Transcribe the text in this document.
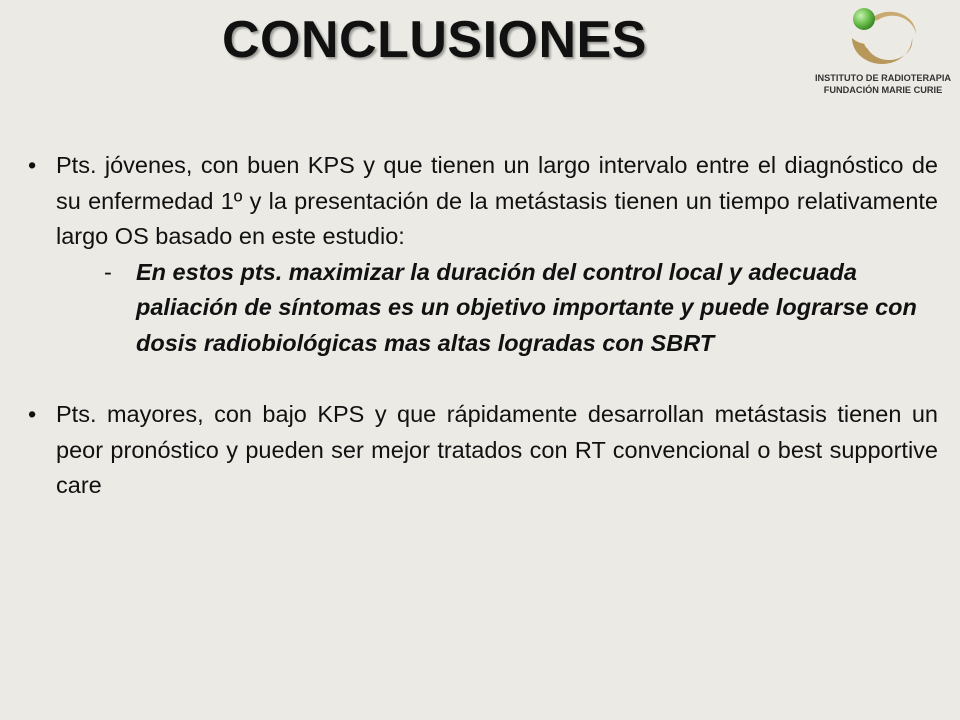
CONCLUSIONES
INSTITUTO DE RADIOTERAPIA
FUNDACIÓN MARIE CURIE
• Pts. jóvenes, con buen KPS y que tienen un largo intervalo entre el diagnóstico de su enfermedad 1º y la presentación de la metástasis tienen un tiempo relativamente largo OS basado en este estudio:

- En estos pts. maximizar la duración del control local y adecuada paliación de síntomas es un objetivo importante y puede lograrse con dosis radiobiológicas mas altas logradas con SBRT

• Pts. mayores, con bajo KPS y que rápidamente desarrollan metástasis tienen un peor pronóstico y pueden ser mejor tratados con RT convencional o best supportive care
